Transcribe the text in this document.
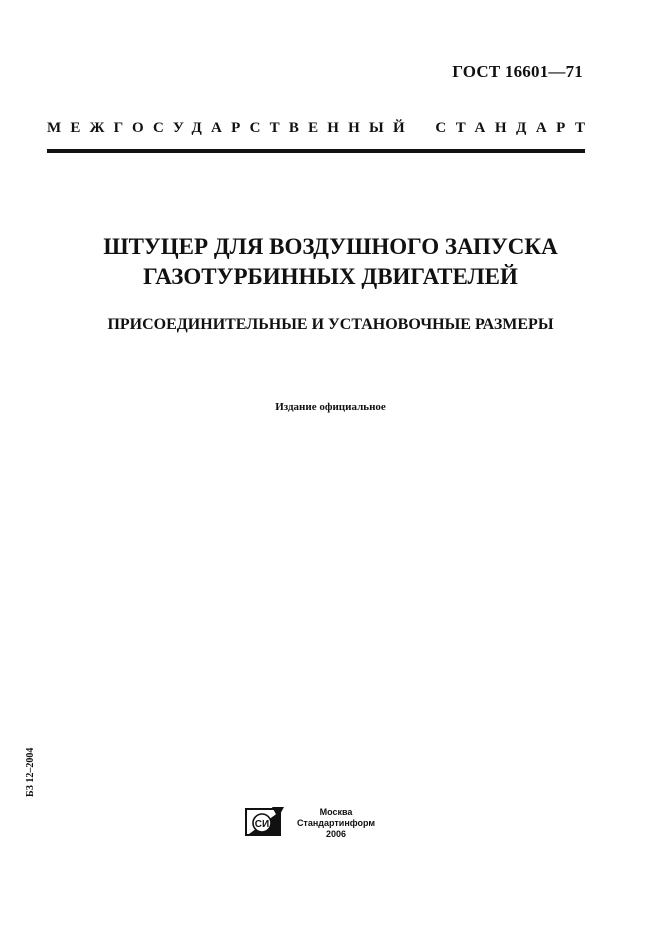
ГОСТ 16601—71
МЕЖГОСУДАРСТВЕННЫЙ СТАНДАРТ
ШТУЦЕР ДЛЯ ВОЗДУШНОГО ЗАПУСКА
ГАЗОТУРБИННЫХ ДВИГАТЕЛЕЙ
ПРИСОЕДИНИТЕЛЬНЫЕ И УСТАНОВОЧНЫЕ РАЗМЕРЫ
Издание официальное
БЗ 12–2004
СИ
Москва
Стандартинформ
2006
